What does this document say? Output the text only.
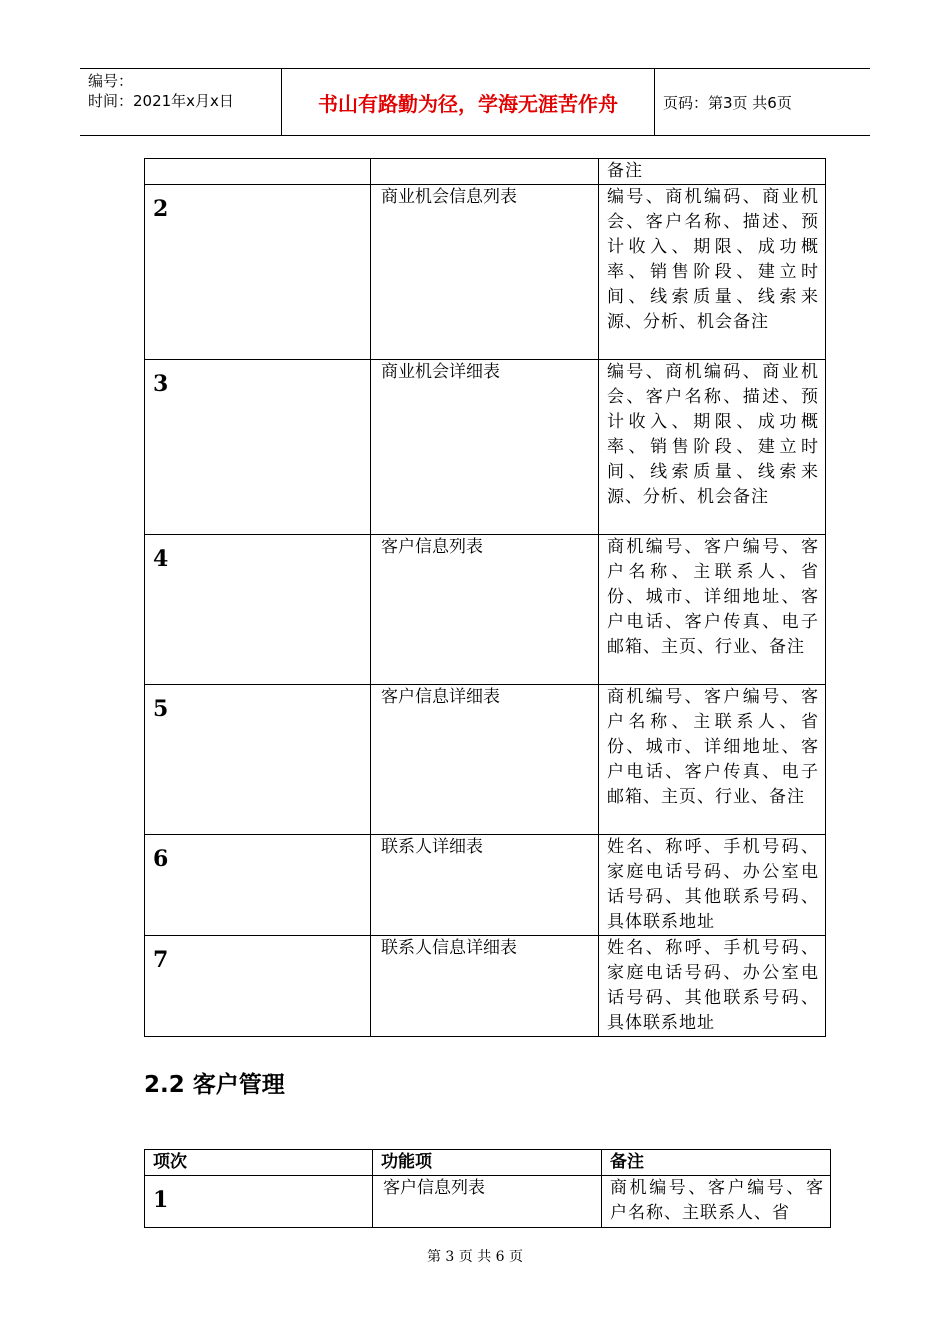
编号：
时间：2021年x月x日	书山有路勤为径，学海无涯苦作舟	页码：第3页 共6页
		备注
2	商业机会信息列表	编号、商机编码、商业机会、客户名称、描述、预计收入、期限、成功概率、销售阶段、建立时间、线索质量、线索来源、分析、机会备注
3	商业机会详细表	编号、商机编码、商业机会、客户名称、描述、预计收入、期限、成功概率、销售阶段、建立时间、线索质量、线索来源、分析、机会备注
4	客户信息列表	商机编号、客户编号、客户名称、主联系人、省份、城市、详细地址、客户电话、客户传真、电子邮箱、主页、行业、备注
5	客户信息详细表	商机编号、客户编号、客户名称、主联系人、省份、城市、详细地址、客户电话、客户传真、电子邮箱、主页、行业、备注
6	联系人详细表	姓名、称呼、手机号码、家庭电话号码、办公室电话号码、其他联系号码、具体联系地址
7	联系人信息详细表	姓名、称呼、手机号码、家庭电话号码、办公室电话号码、其他联系号码、具体联系地址
2.2 客户管理
项次	功能项	备注
1	客户信息列表	商机编号、客户编号、客户名称、主联系人、省
第 3 页 共 6 页
